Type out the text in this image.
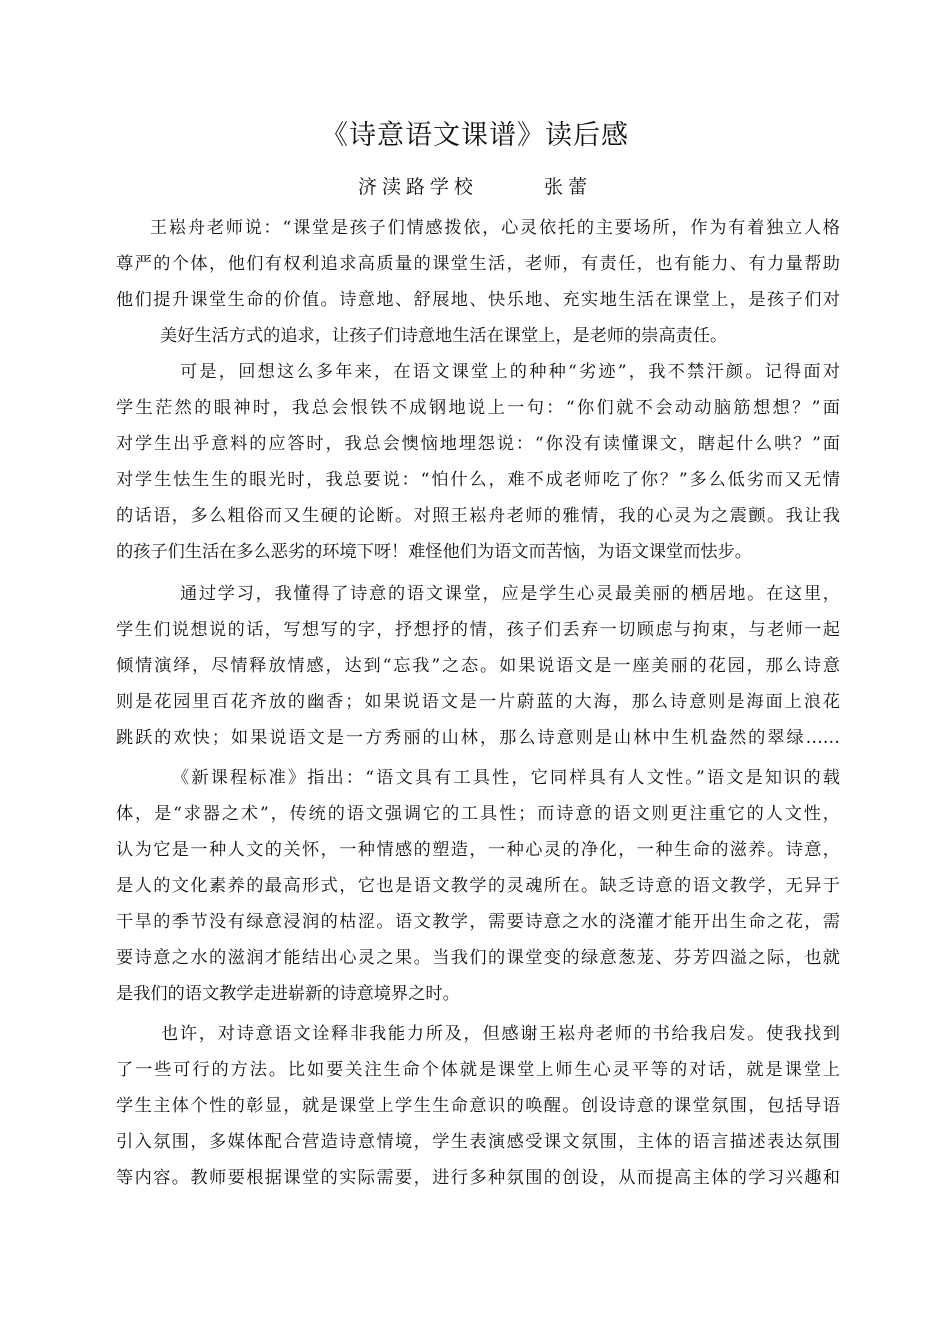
《诗意语文课谱》读后感
济渎路学校      张蕾
王崧舟老师说：“课堂是孩子们情感拨依，心灵依托的主要场所，作为有着独立人格
尊严的个体，他们有权利追求高质量的课堂生活，老师，有责任，也有能力、有力量帮助
他们提升课堂生命的价值。诗意地、舒展地、快乐地、充实地生活在课堂上，是孩子们对
美好生活方式的追求，让孩子们诗意地生活在课堂上，是老师的崇高责任。
可是，回想这么多年来，在语文课堂上的种种“劣迹”，我不禁汗颜。记得面对
学生茫然的眼神时，我总会恨铁不成钢地说上一句：“你们就不会动动脑筋想想？”面
对学生出乎意料的应答时，我总会懊恼地埋怨说：“你没有读懂课文，瞎起什么哄？”面
对学生怯生生的眼光时，我总要说：“怕什么，难不成老师吃了你？”多么低劣而又无情
的话语，多么粗俗而又生硬的论断。对照王崧舟老师的雅情，我的心灵为之震颤。我让我
的孩子们生活在多么恶劣的环境下呀！难怪他们为语文而苦恼，为语文课堂而怯步。
通过学习，我懂得了诗意的语文课堂，应是学生心灵最美丽的栖居地。在这里，
学生们说想说的话，写想写的字，抒想抒的情，孩子们丢弃一切顾虑与拘束，与老师一起
倾情演绎，尽情释放情感，达到“忘我”之态。如果说语文是一座美丽的花园，那么诗意
则是花园里百花齐放的幽香；如果说语文是一片蔚蓝的大海，那么诗意则是海面上浪花
跳跃的欢快；如果说语文是一方秀丽的山林，那么诗意则是山林中生机盎然的翠绿……
《新课程标准》指出：“语文具有工具性，它同样具有人文性。”语文是知识的载
体，是“求器之术”，传统的语文强调它的工具性；而诗意的语文则更注重它的人文性，
认为它是一种人文的关怀，一种情感的塑造，一种心灵的净化，一种生命的滋养。诗意，
是人的文化素养的最高形式，它也是语文教学的灵魂所在。缺乏诗意的语文教学，无异于
干旱的季节没有绿意浸润的枯涩。语文教学，需要诗意之水的浇灌才能开出生命之花，需
要诗意之水的滋润才能结出心灵之果。当我们的课堂变的绿意葱茏、芬芳四溢之际，也就
是我们的语文教学走进崭新的诗意境界之时。
也许，对诗意语文诠释非我能力所及，但感谢王崧舟老师的书给我启发。使我找到
了一些可行的方法。比如要关注生命个体就是课堂上师生心灵平等的对话，就是课堂上
学生主体个性的彰显，就是课堂上学生生命意识的唤醒。创设诗意的课堂氛围，包括导语
引入氛围，多媒体配合营造诗意情境，学生表演感受课文氛围，主体的语言描述表达氛围
等内容。教师要根据课堂的实际需要，进行多种氛围的创设，从而提高主体的学习兴趣和
